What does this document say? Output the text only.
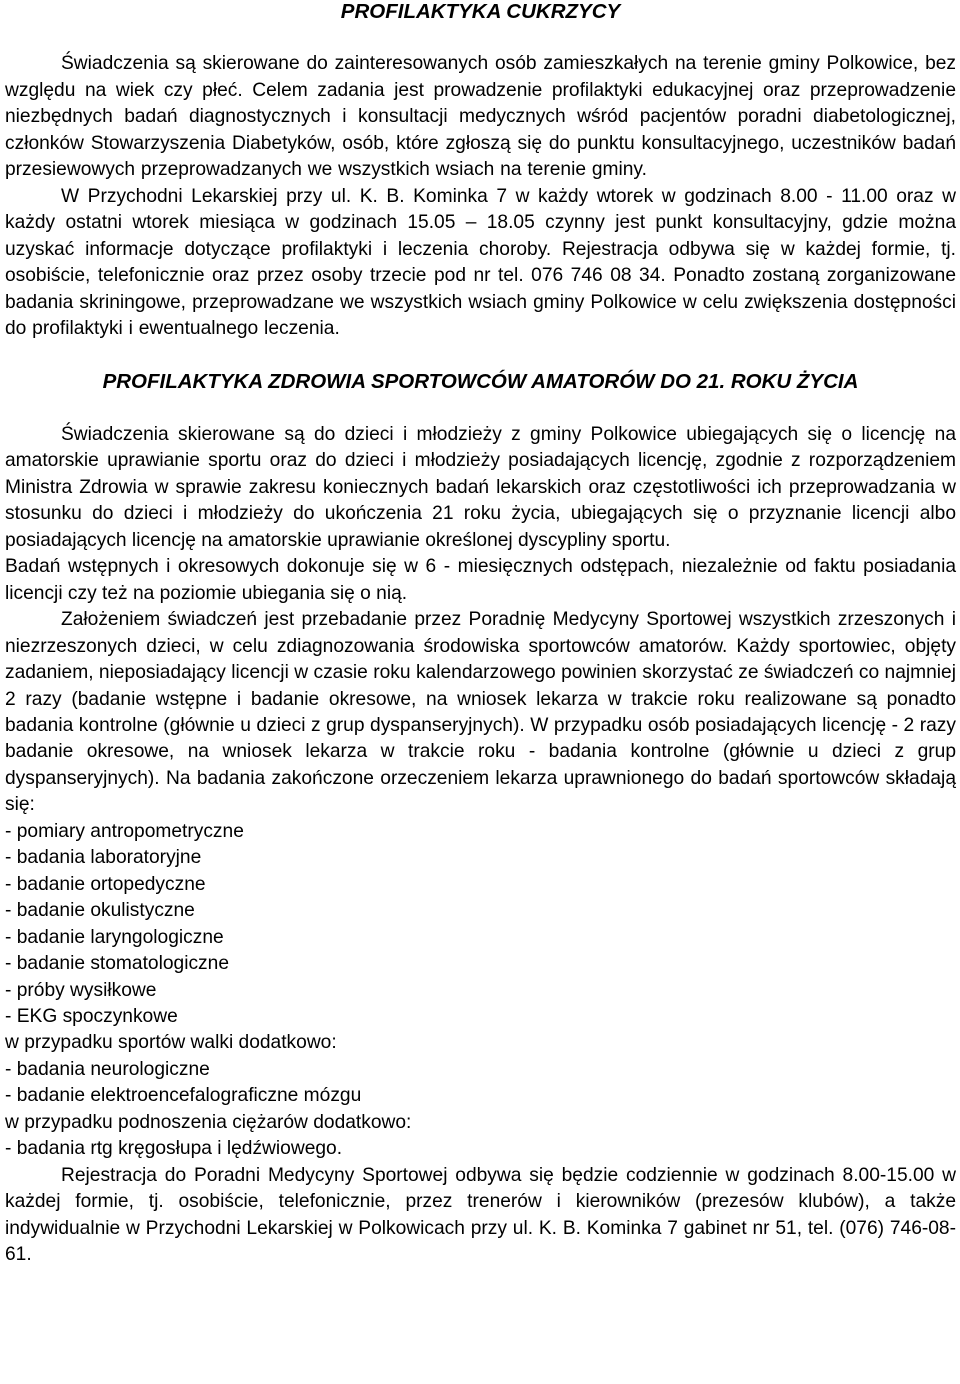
PROFILAKTYKA CUKRZYCY

Świadczenia są skierowane do zainteresowanych osób zamieszkałych na terenie gminy Polkowice, bez względu na wiek czy płeć. Celem zadania jest prowadzenie profilaktyki edukacyjnej oraz przeprowadzenie niezbędnych badań diagnostycznych i konsultacji medycznych wśród pacjentów poradni diabetologicznej, członków Stowarzyszenia Diabetyków, osób, które zgłoszą się do punktu konsultacyjnego, uczestników badań przesiewowych przeprowadzanych we wszystkich wsiach na terenie gminy.

W Przychodni Lekarskiej przy ul. K. B. Kominka 7 w każdy wtorek w godzinach 8.00 - 11.00 oraz w każdy ostatni wtorek miesiąca w godzinach 15.05 – 18.05 czynny jest punkt konsultacyjny, gdzie można uzyskać informacje dotyczące profilaktyki i leczenia choroby. Rejestracja odbywa się w każdej formie, tj. osobiście, telefonicznie oraz przez osoby trzecie pod nr tel. 076 746 08 34. Ponadto zostaną zorganizowane badania skriningowe, przeprowadzane we wszystkich wsiach gminy Polkowice w celu zwiększenia dostępności do profilaktyki i ewentualnego leczenia.

PROFILAKTYKA ZDROWIA SPORTOWCÓW AMATORÓW DO 21. ROKU ŻYCIA

Świadczenia skierowane są do dzieci i młodzieży z gminy Polkowice ubiegających się o licencję na amatorskie uprawianie sportu oraz do dzieci i młodzieży posiadających licencję, zgodnie z rozporządzeniem Ministra Zdrowia w sprawie zakresu koniecznych badań lekarskich oraz częstotliwości ich przeprowadzania w stosunku do dzieci i młodzieży do ukończenia 21 roku życia, ubiegających się o przyznanie licencji albo posiadających licencję na amatorskie uprawianie określonej dyscypliny sportu.

Badań wstępnych i okresowych dokonuje się w 6 - miesięcznych odstępach, niezależnie od faktu posiadania licencji czy też na poziomie ubiegania się o nią.

Założeniem świadczeń jest przebadanie przez Poradnię Medycyny Sportowej wszystkich zrzeszonych i niezrzeszonych dzieci, w celu zdiagnozowania środowiska sportowców amatorów. Każdy sportowiec, objęty zadaniem, nieposiadający licencji w czasie roku kalendarzowego powinien skorzystać ze świadczeń co najmniej 2 razy (badanie wstępne i badanie okresowe, na wniosek lekarza w trakcie roku realizowane są ponadto badania kontrolne (głównie u dzieci z grup dyspanseryjnych). W przypadku osób posiadających licencję - 2 razy badanie okresowe, na wniosek lekarza w trakcie roku - badania kontrolne (głównie u dzieci z grup dyspanseryjnych). Na badania zakończone orzeczeniem lekarza uprawnionego do badań sportowców składają się:

- pomiary antropometryczne
- badania laboratoryjne
- badanie ortopedyczne
- badanie okulistyczne
- badanie laryngologiczne
- badanie stomatologiczne
- próby wysiłkowe
- EKG spoczynkowe
w przypadku sportów walki dodatkowo:
- badania neurologiczne
- badanie elektroencefalograficzne mózgu
w przypadku podnoszenia ciężarów dodatkowo:
- badania rtg kręgosłupa i lędźwiowego.

Rejestracja do Poradni Medycyny Sportowej odbywa się będzie codziennie w godzinach 8.00-15.00 w każdej formie, tj. osobiście, telefonicznie, przez trenerów i kierowników (prezesów klubów), a także indywidualnie w Przychodni Lekarskiej w Polkowicach przy ul. K. B. Kominka 7 gabinet nr 51, tel. (076) 746-08-61.
